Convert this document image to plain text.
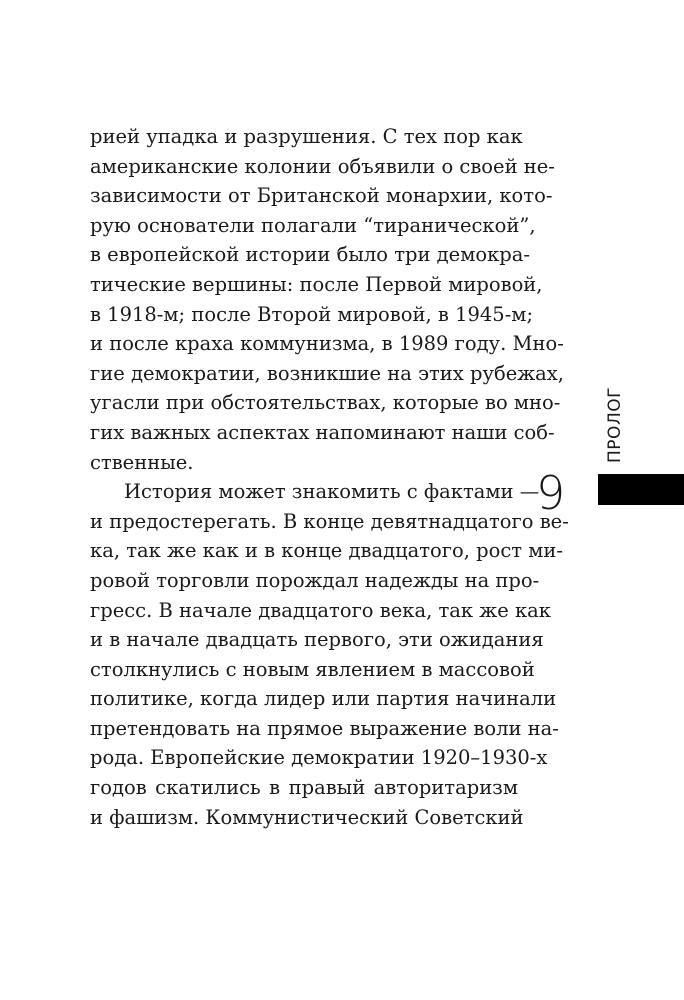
рией упадка и разрушения. С тех пор как
американские колонии объявили о своей не-
зависимости от Британской монархии, кото-
рую основатели полагали “тиранической”,
в европейской истории было три демокра-
тические вершины: после Первой мировой,
в 1918-м; после Второй мировой, в 1945-м;
и после краха коммунизма, в 1989 году. Мно-
гие демократии, возникшие на этих рубежах,
угасли при обстоятельствах, которые во мно-
гих важных аспектах напоминают наши соб-
ственные.
История может знакомить с фактами —
и предостерегать. В конце девятнадцатого ве-
ка, так же как и в конце двадцатого, рост ми-
ровой торговли порождал надежды на про-
гресс. В начале двадцатого века, так же как
и в начале двадцать первого, эти ожидания
столкнулись с новым явлением в массовой
политике, когда лидер или партия начинали
претендовать на прямое выражение воли на-
рода. Европейские демократии 1920–1930-х
годов скатились в правый авторитаризм
и фашизм. Коммунистический Советский
ПРОЛОГ
9
